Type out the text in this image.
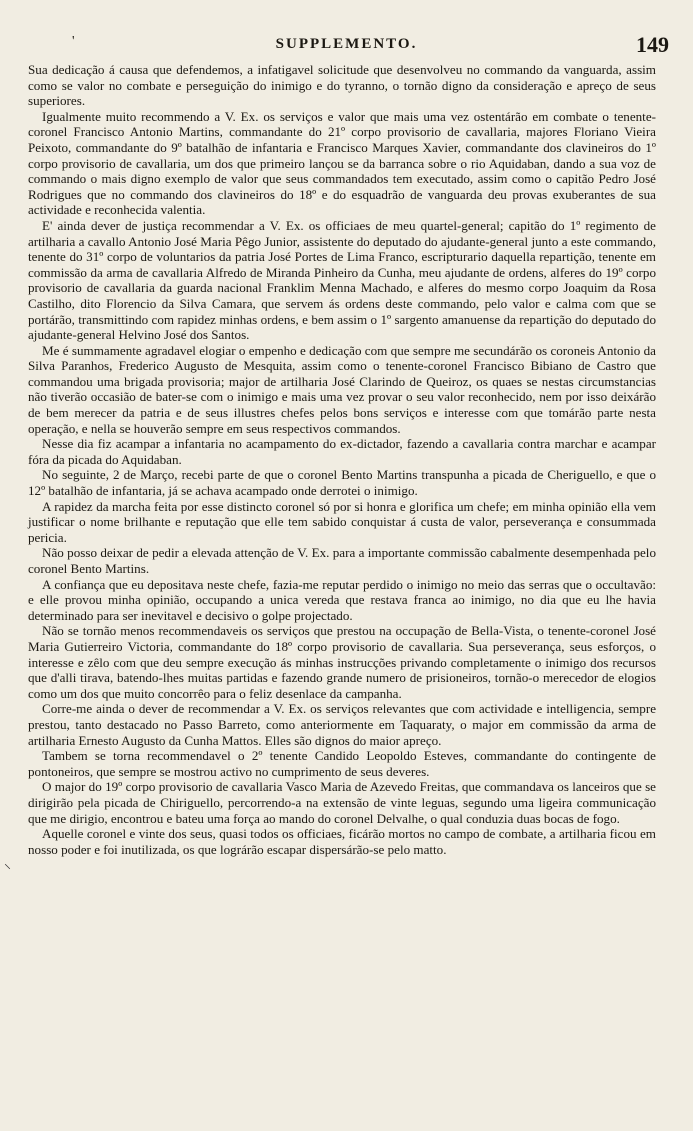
'	SUPPLEMENTO.	149

Sua dedicação á causa que defendemos, a infatigavel solicitude que desenvolveu no commando da vanguarda, assim como se valor no combate e perseguição do inimigo e do tyranno, o tornão digno da consideração e apreço de seus superiores.

Igualmente muito recommendo a V. Ex. os serviços e valor que mais uma vez ostentárão em combate o tenente-coronel Francisco Antonio Martins, commandante do 21º corpo provisorio de cavallaria, majores Floriano Vieira Peixoto, commandante do 9º batalhão de infantaria e Francisco Marques Xavier, commandante dos clavineiros do 1º corpo provisorio de cavallaria, um dos que primeiro lançou se da barranca sobre o rio Aquidaban, dando a sua voz de commando o mais digno exemplo de valor que seus commandados tem executado, assim como o capitão Pedro José Rodrigues que no commando dos clavineiros do 18º e do esquadrão de vanguarda deu provas exuberantes de sua actividade e reconhecida valentia.

E' ainda dever de justiça recommendar a V. Ex. os officiaes de meu quartel-general; capitão do 1º regimento de artilharia a cavallo Antonio José Maria Pêgo Junior, assistente do deputado do ajudante-general junto a este commando, tenente do 31º corpo de voluntarios da patria José Portes de Lima Franco, escripturario daquella repartição, tenente em commissão da arma de cavallaria Alfredo de Miranda Pinheiro da Cunha, meu ajudante de ordens, alferes do 19º corpo provisorio de cavallaria da guarda nacional Franklim Menna Machado, e alferes do mesmo corpo Joaquim da Rosa Castilho, dito Florencio da Silva Camara, que servem ás ordens deste commando, pelo valor e calma com que se portárão, transmittindo com rapidez minhas ordens, e bem assim o 1º sargento amanuense da repartição do deputado do ajudante-general Helvino José dos Santos.

Me é summamente agradavel elogiar o empenho e dedicação com que sempre me secundárão os coroneis Antonio da Silva Paranhos, Frederico Augusto de Mesquita, assim como o tenente-coronel Francisco Bibiano de Castro que commandou uma brigada provisoria; major de artilharia José Clarindo de Queiroz, os quaes se nestas circumstancias não tiverão occasião de bater-se com o inimigo e mais uma vez provar o seu valor reconhecido, nem por isso deixárão de bem merecer da patria e de seus illustres chefes pelos bons serviços e interesse com que tomárão parte nesta operação, e nella se houverão sempre em seus respectivos commandos.

Nesse dia fiz acampar a infantaria no acampamento do ex-dictador, fazendo a cavallaria contra marchar e acampar fóra da picada do Aquidaban.

No seguinte, 2 de Março, recebi parte de que o coronel Bento Martins transpunha a picada de Cheriguello, e que o 12º batalhão de infantaria, já se achava acampado onde derrotei o inimigo.

A rapidez da marcha feita por esse distincto coronel só por si honra e glorifica um chefe; em minha opinião ella vem justificar o nome brilhante e reputação que elle tem sabido conquistar á custa de valor, perseverança e consummada pericia.

Não posso deixar de pedir a elevada attenção de V. Ex. para a importante commissão cabalmente desempenhada pelo coronel Bento Martins.

A confiança que eu depositava neste chefe, fazia-me reputar perdido o inimigo no meio das serras que o occultavão: e elle provou minha opinião, occupando a unica vereda que restava franca ao inimigo, no dia que eu lhe havia determinado para ser inevitavel e decisivo o golpe projectado.

Não se tornão menos recommendaveis os serviços que prestou na occupação de Bella-Vista, o tenente-coronel José Maria Gutierreiro Victoria, commandante do 18º corpo provisorio de cavallaria. Sua perseverança, seus esforços, o interesse e zêlo com que deu sempre execução ás minhas instrucções privando completamente o inimigo dos recursos que d'alli tirava, batendo-lhes muitas partidas e fazendo grande numero de prisioneiros, tornão-o merecedor de elogios como um dos que muito concorrêo para o feliz desenlace da campanha.

Corre-me ainda o dever de recommendar a V. Ex. os serviços relevantes que com actividade e intelligencia, sempre prestou, tanto destacado no Passo Barreto, como anteriormente em Taquaraty, o major em commissão da arma de artilharia Ernesto Augusto da Cunha Mattos. Elles são dignos do maior apreço.

Tambem se torna recommendavel o 2º tenente Candido Leopoldo Esteves, commandante do contingente de pontoneiros, que sempre se mostrou activo no cumprimento de seus deveres.

O major do 19º corpo provisorio de cavallaria Vasco Maria de Azevedo Freitas, que commandava os lanceiros que se dirigirão pela picada de Chiriguello, percorrendo-a na extensão de vinte leguas, segundo uma ligeira communicação que me dirigio, encontrou e bateu uma força ao mando do coronel Delvalhe, o qual conduzia duas bocas de fogo.

Aquelle coronel e vinte dos seus, quasi todos os officiaes, ficárão mortos no campo de combate, a artilharia ficou em nosso poder e foi inutilizada, os que lográrão escapar dispersárão-se pelo matto.

⸜
